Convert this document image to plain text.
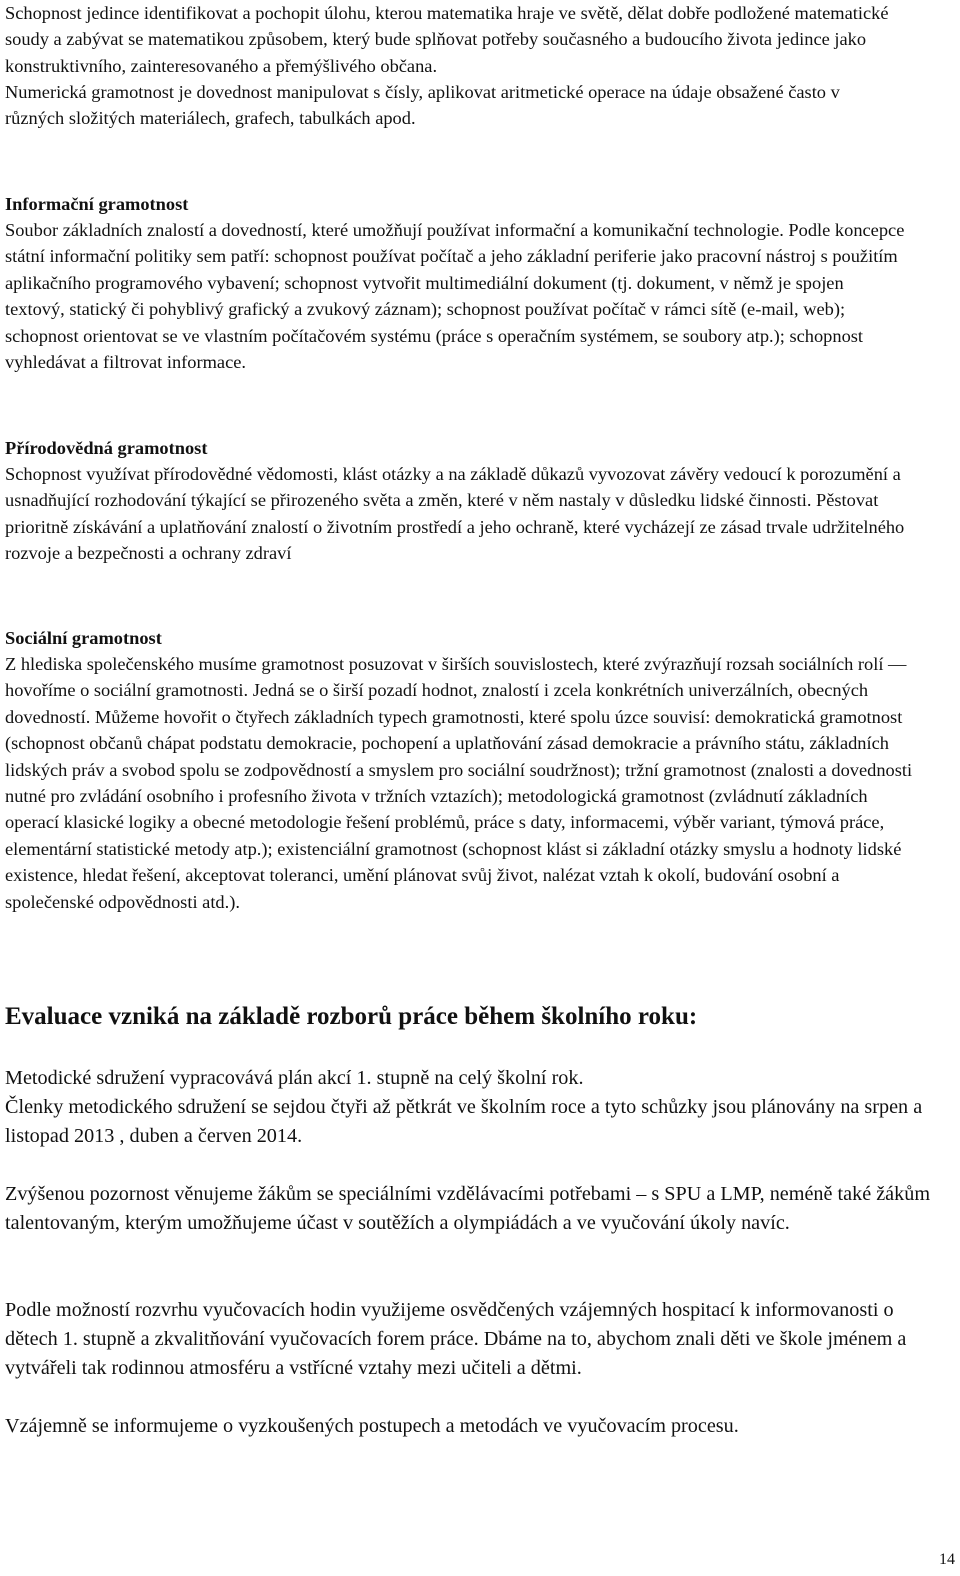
Schopnost jedince identifikovat a pochopit úlohu, kterou matematika hraje ve světě, dělat dobře podložené matematické soudy a zabývat se matematikou způsobem, který bude splňovat potřeby současného a budoucího života jedince jako konstruktivního, zainteresovaného a přemýšlivého občana.

Numerická gramotnost je dovednost manipulovat s čísly, aplikovat aritmetické operace na údaje obsažené často v různých složitých materiálech, grafech, tabulkách apod.

Informační gramotnost

Soubor základních znalostí a dovedností, které umožňují používat informační a komunikační technologie. Podle koncepce státní informační politiky sem patří: schopnost používat počítač a jeho základní periferie jako pracovní nástroj s použitím aplikačního programového vybavení; schopnost vytvořit multimediální dokument (tj. dokument, v němž je spojen textový, statický či pohyblivý grafický a zvukový záznam); schopnost používat počítač v rámci sítě (e-mail, web); schopnost orientovat se ve vlastním počítačovém systému (práce s operačním systémem, se soubory atp.); schopnost vyhledávat a filtrovat informace.

Přírodovědná gramotnost

Schopnost využívat přírodovědné vědomosti, klást otázky a na základě důkazů vyvozovat závěry vedoucí k porozumění a usnadňující rozhodování týkající se přirozeného světa a změn, které v něm nastaly v důsledku lidské činnosti. Pěstovat prioritně získávání a uplatňování znalostí o životním prostředí a jeho ochraně, které vycházejí ze zásad trvale udržitelného rozvoje a bezpečnosti a ochrany zdraví

Sociální gramotnost

Z hlediska společenského musíme gramotnost posuzovat v širších souvislostech, které zvýrazňují rozsah sociálních rolí — hovoříme o sociální gramotnosti. Jedná se o širší pozadí hodnot, znalostí i zcela konkrétních univerzálních, obecných dovedností. Můžeme hovořit o čtyřech základních typech gramotnosti, které spolu úzce souvisí: demokratická gramotnost (schopnost občanů chápat podstatu demokracie, pochopení a uplatňování zásad demokracie a právního státu, základních lidských práv a svobod spolu se zodpovědností a smyslem pro sociální soudržnost); tržní gramotnost (znalosti a dovednosti nutné pro zvládání osobního i profesního života v tržních vztazích); metodologická gramotnost (zvládnutí základních operací klasické logiky a obecné metodologie řešení problémů, práce s daty, informacemi, výběr variant, týmová práce, elementární statistické metody atp.); existenciální gramotnost (schopnost klást si základní otázky smyslu a hodnoty lidské existence, hledat řešení, akceptovat toleranci, umění plánovat svůj život, nalézat vztah k okolí, budování osobní a společenské odpovědnosti atd.).

Evaluace vzniká na základě rozborů práce během školního roku:

Metodické sdružení vypracovává plán akcí 1. stupně na celý školní rok.

Členky metodického sdružení se sejdou čtyři až pětkrát ve školním roce a tyto schůzky jsou plánovány na srpen a listopad 2013 , duben a červen 2014.

Zvýšenou pozornost věnujeme žákům se speciálními vzdělávacími potřebami – s SPU a LMP, neméně také žákům talentovaným, kterým umožňujeme účast v soutěžích a olympiádách a ve vyučování úkoly navíc.

Podle možností rozvrhu vyučovacích hodin využijeme osvědčených vzájemných hospitací k informovanosti o dětech 1. stupně a zkvalitňování vyučovacích forem práce. Dbáme na to, abychom znali děti ve škole jménem a vytvářeli tak rodinnou atmosféru a vstřícné vztahy mezi učiteli a dětmi.

Vzájemně se informujeme o vyzkoušených postupech a metodách ve vyučovacím procesu.

14
